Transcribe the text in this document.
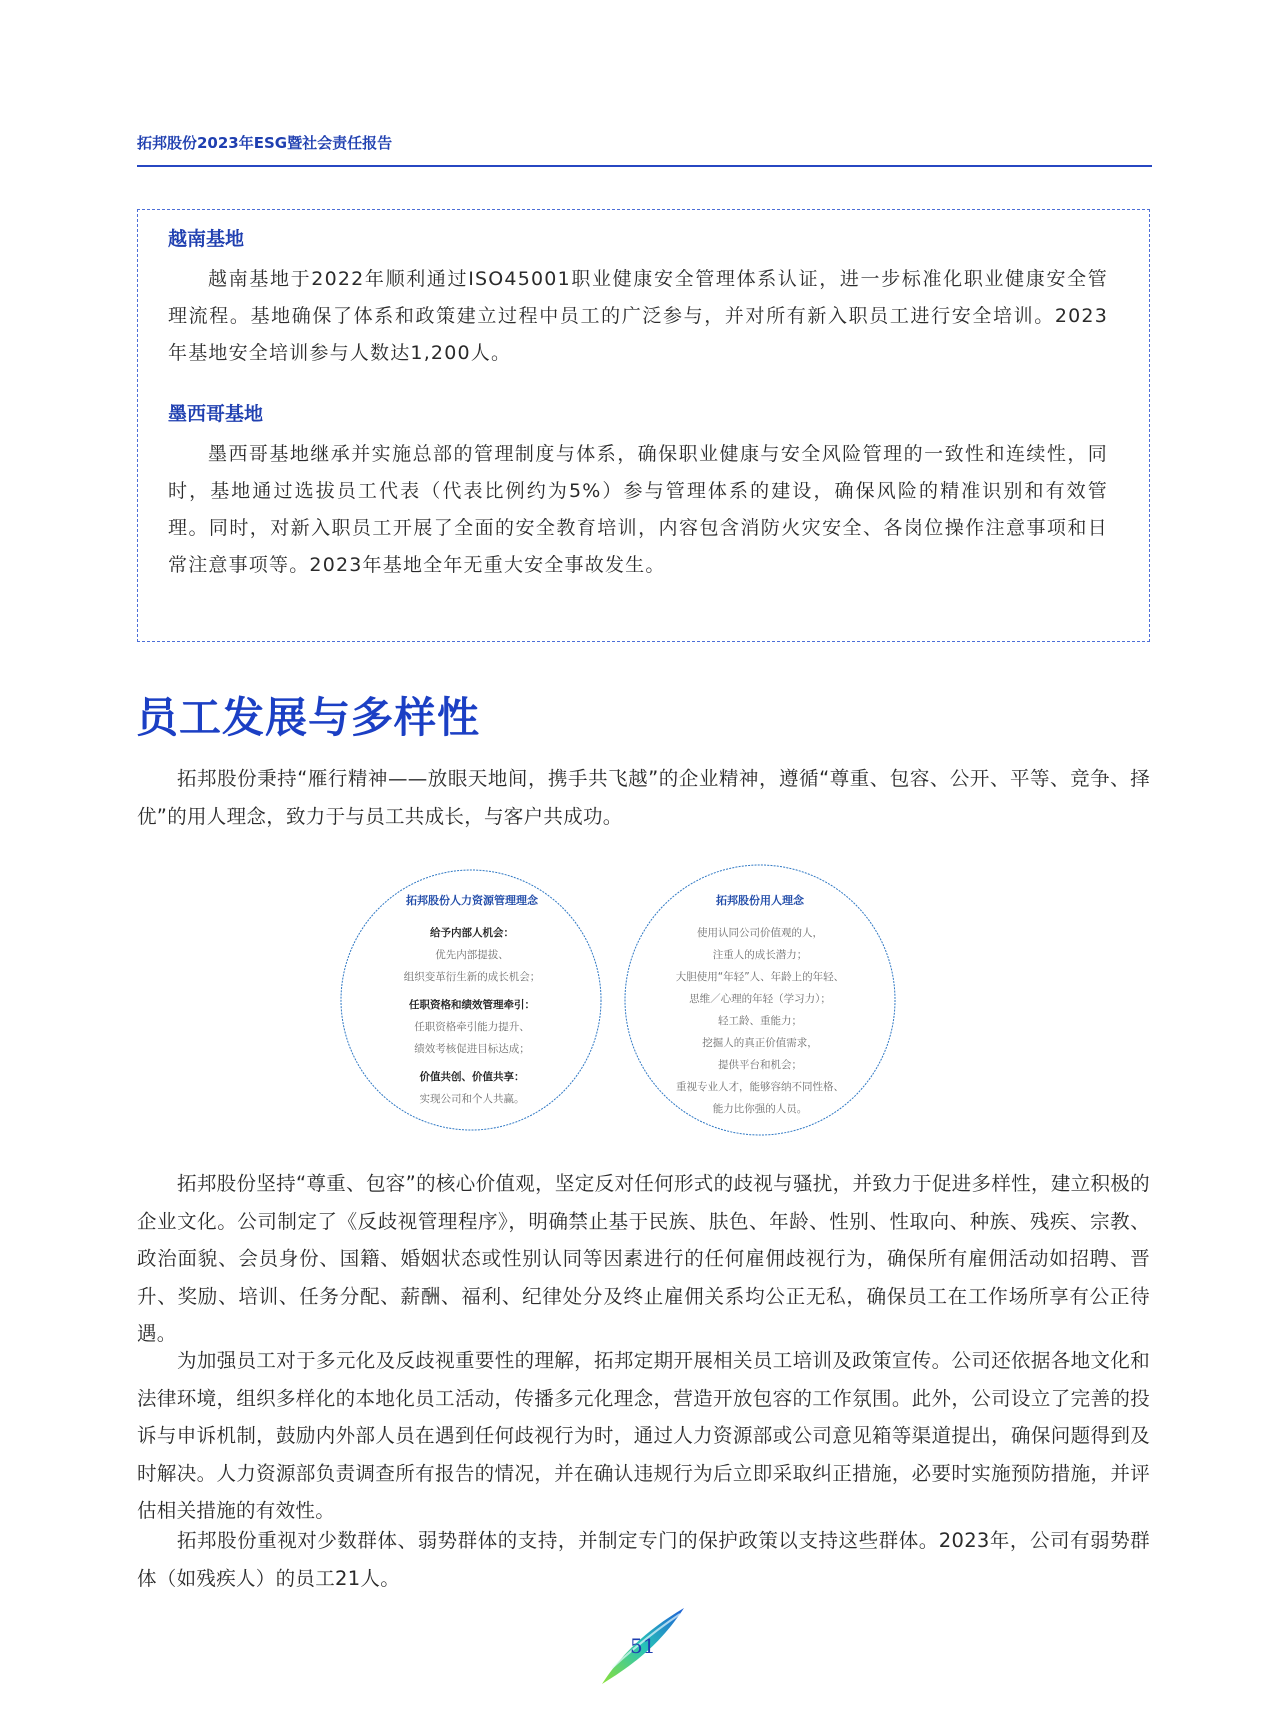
拓邦股份2023年ESG暨社会责任报告
越南基地
越南基地于2022年顺利通过ISO45001职业健康安全管理体系认证，进一步标准化职业健康安全管理流程。基地确保了体系和政策建立过程中员工的广泛参与，并对所有新入职员工进行安全培训。2023年基地安全培训参与人数达1,200人。
墨西哥基地
墨西哥基地继承并实施总部的管理制度与体系，确保职业健康与安全风险管理的一致性和连续性，同时，基地通过选拔员工代表（代表比例约为5%）参与管理体系的建设，确保风险的精准识别和有效管理。同时，对新入职员工开展了全面的安全教育培训，内容包含消防火灾安全、各岗位操作注意事项和日常注意事项等。2023年基地全年无重大安全事故发生。
员工发展与多样性
拓邦股份秉持“雁行精神——放眼天地间，携手共飞越”的企业精神，遵循“尊重、包容、公开、平等、竞争、择优”的用人理念，致力于与员工共成长，与客户共成功。
拓邦股份人力资源管理理念
给予内部人机会：
优先内部提拔、
组织变革衍生新的成长机会；
任职资格和绩效管理牵引：
任职资格牵引能力提升、
绩效考核促进目标达成；
价值共创、价值共享：
实现公司和个人共赢。
拓邦股份用人理念
使用认同公司价值观的人，
注重人的成长潜力；
大胆使用“年轻”人、年龄上的年轻、
思维／心理的年轻（学习力）；
轻工龄、重能力；
挖掘人的真正价值需求，
提供平台和机会；
重视专业人才，能够容纳不同性格、
能力比你强的人员。
拓邦股份坚持“尊重、包容”的核心价值观，坚定反对任何形式的歧视与骚扰，并致力于促进多样性，建立积极的企业文化。公司制定了《反歧视管理程序》，明确禁止基于民族、肤色、年龄、性别、性取向、种族、残疾、宗教、政治面貌、会员身份、国籍、婚姻状态或性别认同等因素进行的任何雇佣歧视行为，确保所有雇佣活动如招聘、晋升、奖励、培训、任务分配、薪酬、福利、纪律处分及终止雇佣关系均公正无私，确保员工在工作场所享有公正待遇。
为加强员工对于多元化及反歧视重要性的理解，拓邦定期开展相关员工培训及政策宣传。公司还依据各地文化和法律环境，组织多样化的本地化员工活动，传播多元化理念，营造开放包容的工作氛围。此外，公司设立了完善的投诉与申诉机制，鼓励内外部人员在遇到任何歧视行为时，通过人力资源部或公司意见箱等渠道提出，确保问题得到及时解决。人力资源部负责调查所有报告的情况，并在确认违规行为后立即采取纠正措施，必要时实施预防措施，并评估相关措施的有效性。
拓邦股份重视对少数群体、弱势群体的支持，并制定专门的保护政策以支持这些群体。2023年，公司有弱势群体（如残疾人）的员工21人。
51
